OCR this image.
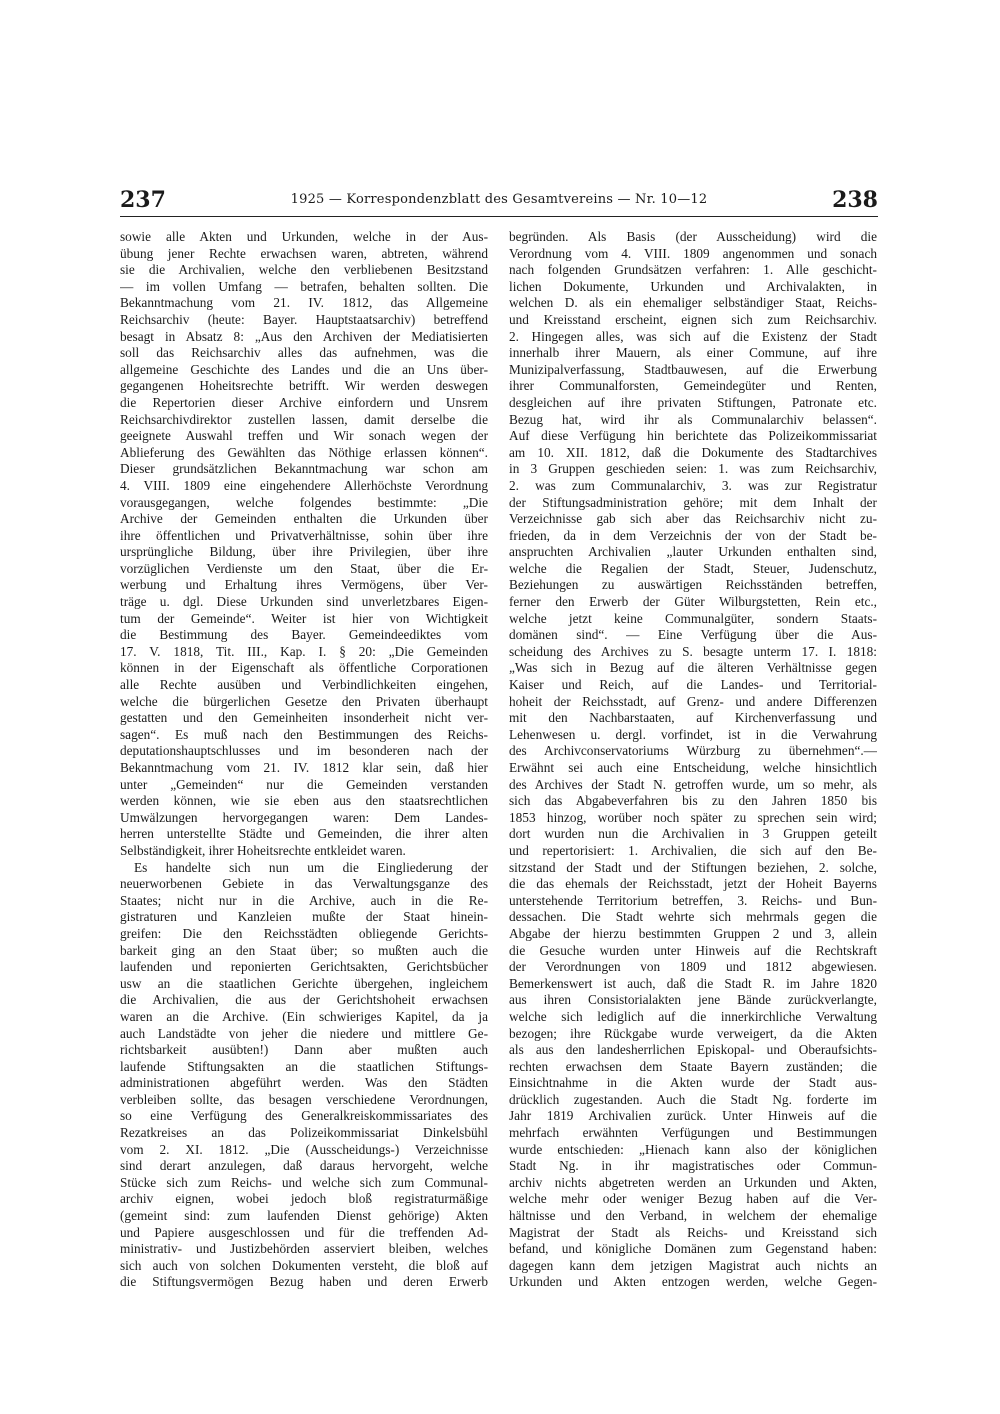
237	1925 — Korrespondenzblatt des Gesamtvereins — Nr. 10—12	238
sowie alle Akten und Urkunden, welche in der Aus-
übung jener Rechte erwachsen waren, abtreten, während
sie die Archivalien, welche den verbliebenen Besitzstand
— im vollen Umfang — betrafen, behalten sollten. Die
Bekanntmachung vom 21. IV. 1812, das Allgemeine
Reichsarchiv (heute: Bayer. Hauptstaatsarchiv) betreffend
besagt in Absatz 8: „Aus den Archiven der Mediatisierten
soll das Reichsarchiv alles das aufnehmen, was die
allgemeine Geschichte des Landes und die an Uns über-
gegangenen Hoheitsrechte betrifft. Wir werden deswegen
die Repertorien dieser Archive einfordern und Unsrem
Reichsarchivdirektor zustellen lassen, damit derselbe die
geeignete Auswahl treffen und Wir sonach wegen der
Ablieferung des Gewählten das Nöthige erlassen können“.
Dieser grundsätzlichen Bekanntmachung war schon am
4. VIII. 1809 eine eingehendere Allerhöchste Verordnung
vorausgegangen, welche folgendes bestimmte: „Die
Archive der Gemeinden enthalten die Urkunden über
ihre öffentlichen und Privatverhältnisse, sohin über ihre
ursprüngliche Bildung, über ihre Privilegien, über ihre
vorzüglichen Verdienste um den Staat, über die Er-
werbung und Erhaltung ihres Vermögens, über Ver-
träge u. dgl. Diese Urkunden sind unverletzbares Eigen-
tum der Gemeinde“. Weiter ist hier von Wichtigkeit
die Bestimmung des Bayer. Gemeindeediktes vom
17. V. 1818, Tit. III., Kap. I. § 20: „Die Gemeinden
können in der Eigenschaft als öffentliche Corporationen
alle Rechte ausüben und Verbindlichkeiten eingehen,
welche die bürgerlichen Gesetze den Privaten überhaupt
gestatten und den Gemeinheiten insonderheit nicht ver-
sagen“. Es muß nach den Bestimmungen des Reichs-
deputationshauptschlusses und im besonderen nach der
Bekanntmachung vom 21. IV. 1812 klar sein, daß hier
unter „Gemeinden“ nur die Gemeinden verstanden
werden können, wie sie eben aus den staatsrechtlichen
Umwälzungen hervorgegangen waren: Dem Landes-
herren unterstellte Städte und Gemeinden, die ihrer alten
Selbständigkeit, ihrer Hoheitsrechte entkleidet waren.
Es handelte sich nun um die Eingliederung der
neuerworbenen Gebiete in das Verwaltungsganze des
Staates; nicht nur in die Archive, auch in die Re-
gistraturen und Kanzleien mußte der Staat hinein-
greifen: Die den Reichsstädten obliegende Gerichts-
barkeit ging an den Staat über; so mußten auch die
laufenden und reponierten Gerichtsakten, Gerichtsbücher
usw an die staatlichen Gerichte übergehen, ingleichem
die Archivalien, die aus der Gerichtshoheit erwachsen
waren an die Archive. (Ein schwieriges Kapitel, da ja
auch Landstädte von jeher die niedere und mittlere Ge-
richtsbarkeit ausübten!) Dann aber mußten auch
laufende Stiftungsakten an die staatlichen Stiftungs-
administrationen abgeführt werden. Was den Städten
verbleiben sollte, das besagen verschiedene Verordnungen,
so eine Verfügung des Generalkreiskommissariates des
Rezatkreises an das Polizeikommissariat Dinkelsbühl
vom 2. XI. 1812. „Die (Ausscheidungs-) Verzeichnisse
sind derart anzulegen, daß daraus hervorgeht, welche
Stücke sich zum Reichs- und welche sich zum Communal-
archiv eignen, wobei jedoch bloß registraturmäßige
(gemeint sind: zum laufenden Dienst gehörige) Akten
und Papiere ausgeschlossen und für die treffenden Ad-
ministrativ- und Justizbehörden asserviert bleiben, welches
sich auch von solchen Dokumenten versteht, die bloß auf
die Stiftungsvermögen Bezug haben und deren Erwerb
begründen. Als Basis (der Ausscheidung) wird die
Verordnung vom 4. VIII. 1809 angenommen und sonach
nach folgenden Grundsätzen verfahren: 1. Alle geschicht-
lichen Dokumente, Urkunden und Archivalakten, in
welchen D. als ein ehemaliger selbständiger Staat, Reichs-
und Kreisstand erscheint, eignen sich zum Reichsarchiv.
2. Hingegen alles, was sich auf die Existenz der Stadt
innerhalb ihrer Mauern, als einer Commune, auf ihre
Munizipalverfassung, Stadtbauwesen, auf die Erwerbung
ihrer Communalforsten, Gemeindegüter und Renten,
desgleichen auf ihre privaten Stiftungen, Patronate etc.
Bezug hat, wird ihr als Communalarchiv belassen“.
Auf diese Verfügung hin berichtete das Polizeikommissariat
am 10. XII. 1812, daß die Dokumente des Stadtarchives
in 3 Gruppen geschieden seien: 1. was zum Reichsarchiv,
2. was zum Communalarchiv, 3. was zur Registratur
der Stiftungsadministration gehöre; mit dem Inhalt der
Verzeichnisse gab sich aber das Reichsarchiv nicht zu-
frieden, da in dem Verzeichnis der von der Stadt be-
anspruchten Archivalien „lauter Urkunden enthalten sind,
welche die Regalien der Stadt, Steuer, Judenschutz,
Beziehungen zu auswärtigen Reichsständen betreffen,
ferner den Erwerb der Güter Wilburgstetten, Rein etc.,
welche jetzt keine Communalgüter, sondern Staats-
domänen sind“. — Eine Verfügung über die Aus-
scheidung des Archives zu S. besagte unterm 17. I. 1818:
„Was sich in Bezug auf die älteren Verhältnisse gegen
Kaiser und Reich, auf die Landes- und Territorial-
hoheit der Reichsstadt, auf Grenz- und andere Differenzen
mit den Nachbarstaaten, auf Kirchenverfassung und
Lehenwesen u. dergl. vorfindet, ist in die Verwahrung
des Archivconservatoriums Würzburg zu übernehmen“.—
Erwähnt sei auch eine Entscheidung, welche hinsichtlich
des Archives der Stadt N. getroffen wurde, um so mehr, als
sich das Abgabeverfahren bis zu den Jahren 1850 bis
1853 hinzog, worüber noch später zu sprechen sein wird;
dort wurden nun die Archivalien in 3 Gruppen geteilt
und repertorisiert: 1. Archivalien, die sich auf den Be-
sitzstand der Stadt und der Stiftungen beziehen, 2. solche,
die das ehemals der Reichsstadt, jetzt der Hoheit Bayerns
unterstehende Territorium betreffen, 3. Reichs- und Bun-
dessachen. Die Stadt wehrte sich mehrmals gegen die
Abgabe der hierzu bestimmten Gruppen 2 und 3, allein
die Gesuche wurden unter Hinweis auf die Rechtskraft
der Verordnungen von 1809 und 1812 abgewiesen.
Bemerkenswert ist auch, daß die Stadt R. im Jahre 1820
aus ihren Consistorialakten jene Bände zurückverlangte,
welche sich lediglich auf die innerkirchliche Verwaltung
bezogen; ihre Rückgabe wurde verweigert, da die Akten
als aus den landesherrlichen Episkopal- und Oberaufsichts-
rechten erwachsen dem Staate Bayern zuständen; die
Einsichtnahme in die Akten wurde der Stadt aus-
drücklich zugestanden. Auch die Stadt Ng. forderte im
Jahr 1819 Archivalien zurück. Unter Hinweis auf die
mehrfach erwähnten Verfügungen und Bestimmungen
wurde entschieden: „Hienach kann also der königlichen
Stadt Ng. in ihr magistratisches oder Commun-
archiv nichts abgetreten werden an Urkunden und Akten,
welche mehr oder weniger Bezug haben auf die Ver-
hältnisse und den Verband, in welchem der ehemalige
Magistrat der Stadt als Reichs- und Kreisstand sich
befand, und königliche Domänen zum Gegenstand haben:
dagegen kann dem jetzigen Magistrat auch nichts an
Urkunden und Akten entzogen werden, welche Gegen-
